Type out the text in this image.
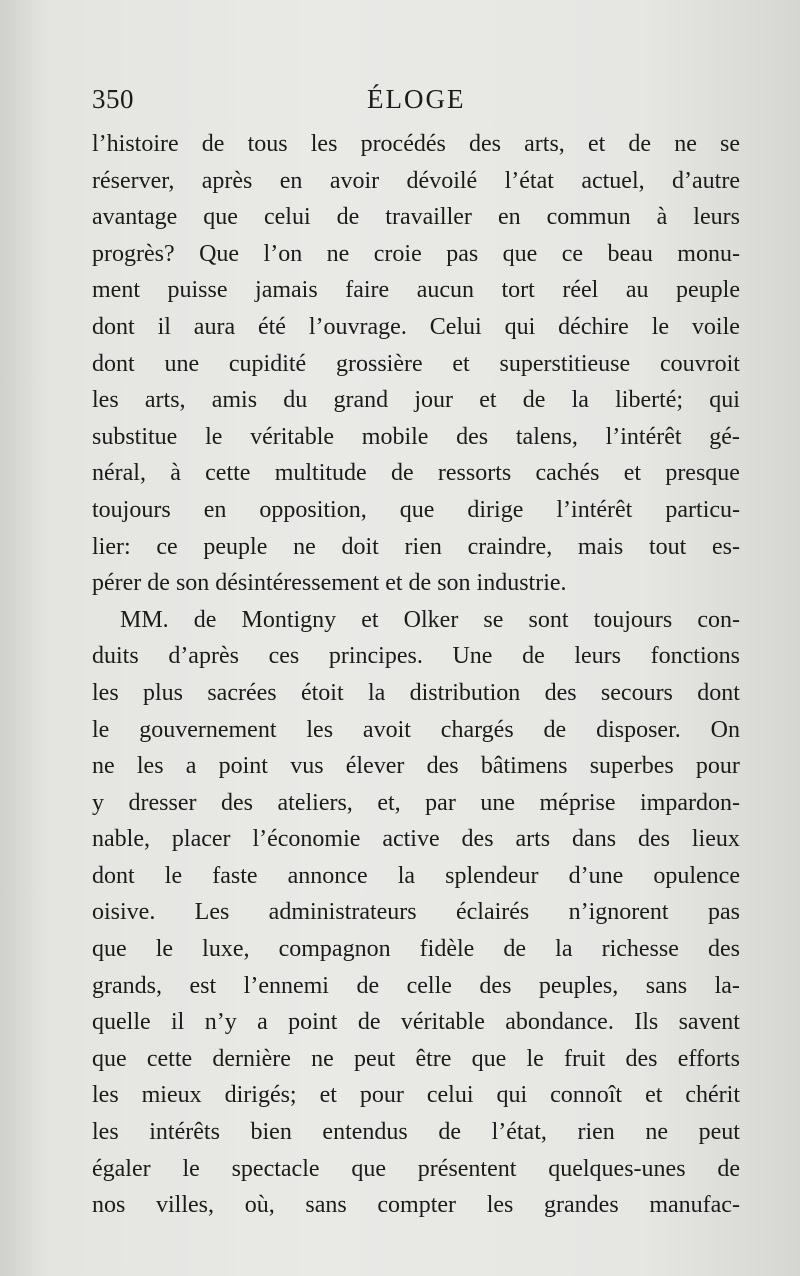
350	ÉLOGE
l’histoire de tous les procédés des arts, et de ne se
réserver, après en avoir dévoilé l’état actuel, d’autre
avantage que celui de travailler en commun à leurs
progrès? Que l’on ne croie pas que ce beau monu-
ment puisse jamais faire aucun tort réel au peuple
dont il aura été l’ouvrage. Celui qui déchire le voile
dont une cupidité grossière et superstitieuse couvroit
les arts, amis du grand jour et de la liberté; qui
substitue le véritable mobile des talens, l’intérêt gé-
néral, à cette multitude de ressorts cachés et presque
toujours en opposition, que dirige l’intérêt particu-
lier: ce peuple ne doit rien craindre, mais tout es-
pérer de son désintéressement et de son industrie.
MM. de Montigny et Olker se sont toujours con-
duits d’après ces principes. Une de leurs fonctions
les plus sacrées étoit la distribution des secours dont
le gouvernement les avoit chargés de disposer. On
ne les a point vus élever des bâtimens superbes pour
y dresser des ateliers, et, par une méprise impardon-
nable, placer l’économie active des arts dans des lieux
dont le faste annonce la splendeur d’une opulence
oisive. Les administrateurs éclairés n’ignorent pas
que le luxe, compagnon fidèle de la richesse des
grands, est l’ennemi de celle des peuples, sans la-
quelle il n’y a point de véritable abondance. Ils savent
que cette dernière ne peut être que le fruit des efforts
les mieux dirigés; et pour celui qui connoît et chérit
les intérêts bien entendus de l’état, rien ne peut
égaler le spectacle que présentent quelques-unes de
nos villes, où, sans compter les grandes manufac-
